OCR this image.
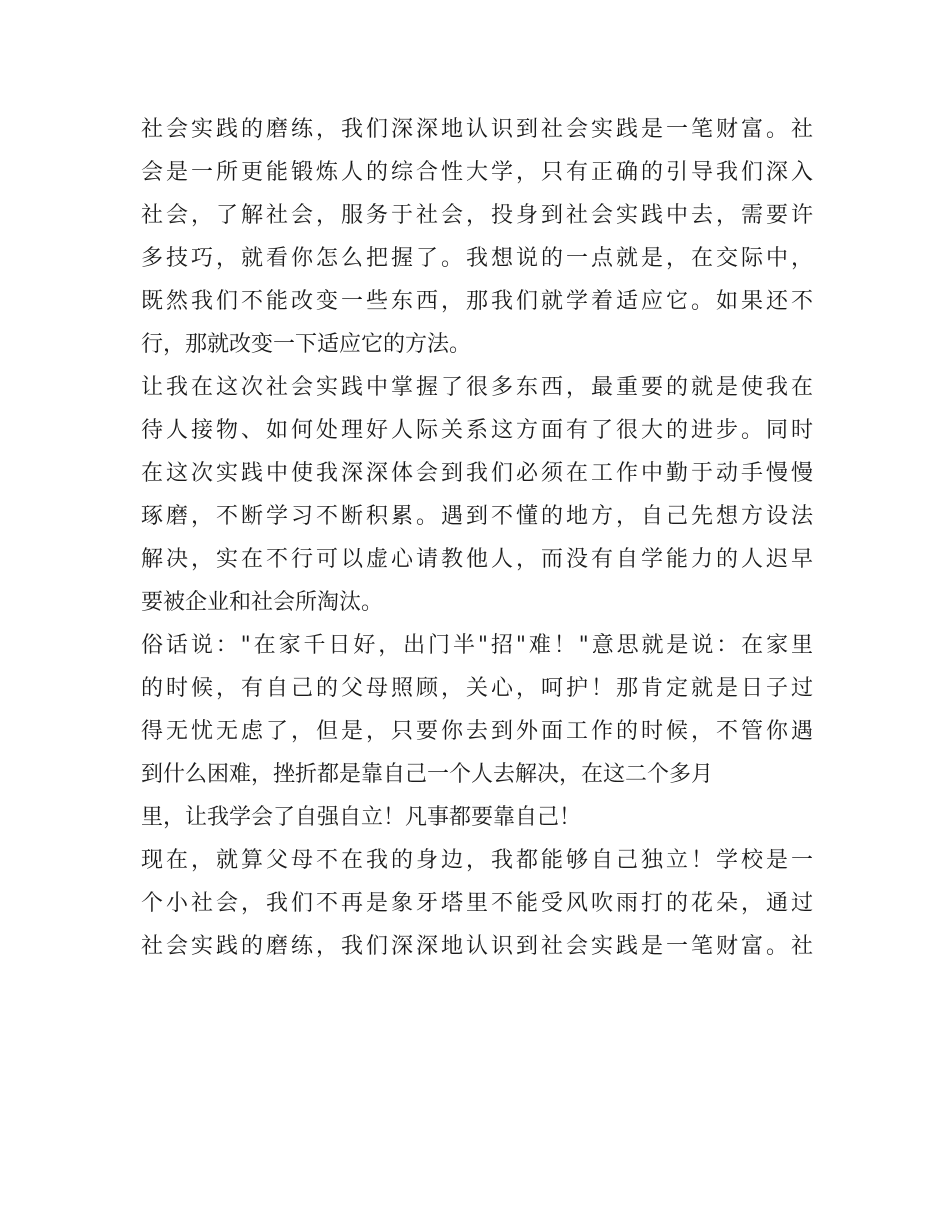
社会实践的磨练，我们深深地认识到社会实践是一笔财富。社
会是一所更能锻炼人的综合性大学，只有正确的引导我们深入
社会，了解社会，服务于社会，投身到社会实践中去，需要许
多技巧，就看你怎么把握了。我想说的一点就是，在交际中，
既然我们不能改变一些东西，那我们就学着适应它。如果还不
行，那就改变一下适应它的方法。
让我在这次社会实践中掌握了很多东西，最重要的就是使我在
待人接物、如何处理好人际关系这方面有了很大的进步。同时
在这次实践中使我深深体会到我们必须在工作中勤于动手慢慢
琢磨，不断学习不断积累。遇到不懂的地方，自己先想方设法
解决，实在不行可以虚心请教他人，而没有自学能力的人迟早
要被企业和社会所淘汰。
俗话说："在家千日好，出门半"招"难！"意思就是说：在家里
的时候，有自己的父母照顾，关心，呵护！那肯定就是日子过
得无忧无虑了，但是，只要你去到外面工作的时候，不管你遇
到什么困难，挫折都是靠自己一个人去解决，在这二个多月
里，让我学会了自强自立！凡事都要靠自己！
现在，就算父母不在我的身边，我都能够自己独立！学校是一
个小社会，我们不再是象牙塔里不能受风吹雨打的花朵，通过
社会实践的磨练，我们深深地认识到社会实践是一笔财富。社
